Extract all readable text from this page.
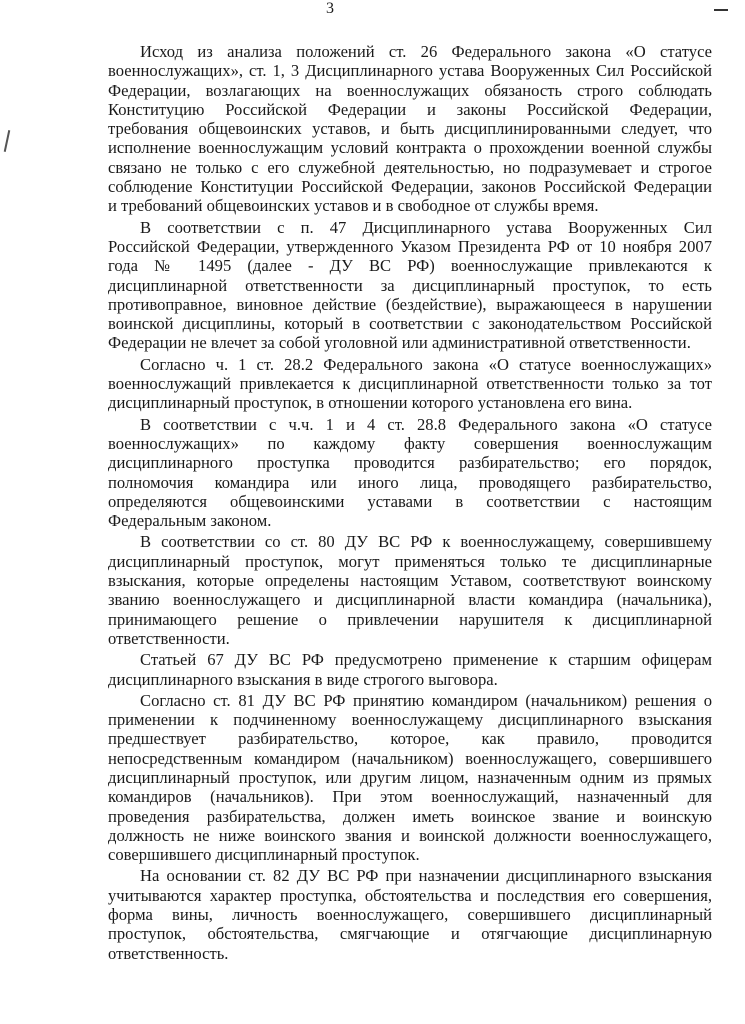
3
Исход из анализа положений ст. 26 Федерального закона «О статусе
военнослужащих», ст. 1, 3 Дисциплинарного устава Вооруженных Сил Российской
Федерации, возлагающих на военнослужащих обязаность строго соблюдать
Конституцию Российской Федерации и законы Российской Федерации,
требования общевоинских уставов, и быть дисциплинированными следует, что
исполнение военнослужащим условий контракта о прохождении военной службы
связано не только с его служебной деятельностью, но подразумевает и строгое
соблюдение Конституции Российской Федерации, законов Российской Федерации
и требований общевоинских уставов и в свободное от службы время.
В соответствии с п. 47 Дисциплинарного устава Вооруженных Сил
Российской Федерации, утвержденного Указом Президента РФ от 10 ноября 2007
года № 1495 (далее - ДУ ВС РФ) военнослужащие привлекаются к
дисциплинарной ответственности за дисциплинарный проступок, то есть
противоправное, виновное действие (бездействие), выражающееся в нарушении
воинской дисциплины, который в соответствии с законодательством Российской
Федерации не влечет за собой уголовной или административной ответственности.
Согласно ч. 1 ст. 28.2 Федерального закона «О статусе военнослужащих»
военнослужащий привлекается к дисциплинарной ответственности только за тот
дисциплинарный проступок, в отношении которого установлена его вина.
В соответствии с ч.ч. 1 и 4 ст. 28.8 Федерального закона «О статусе
военнослужащих» по каждому факту совершения военнослужащим
дисциплинарного проступка проводится разбирательство; его порядок,
полномочия командира или иного лица, проводящего разбирательство,
определяются общевоинскими уставами в соответствии с настоящим
Федеральным законом.
В соответствии со ст. 80 ДУ ВС РФ к военнослужащему, совершившему
дисциплинарный проступок, могут применяться только те дисциплинарные
взыскания, которые определены настоящим Уставом, соответствуют воинскому
званию военнослужащего и дисциплинарной власти командира (начальника),
принимающего решение о привлечении нарушителя к дисциплинарной
ответственности.
Статьей 67 ДУ ВС РФ предусмотрено применение к старшим офицерам
дисциплинарного взыскания в виде строгого выговора.
Согласно ст. 81 ДУ ВС РФ принятию командиром (начальником) решения о
применении к подчиненному военнослужащему дисциплинарного взыскания
предшествует разбирательство, которое, как правило, проводится
непосредственным командиром (начальником) военнослужащего, совершившего
дисциплинарный проступок, или другим лицом, назначенным одним из прямых
командиров (начальников). При этом военнослужащий, назначенный для
проведения разбирательства, должен иметь воинское звание и воинскую
должность не ниже воинского звания и воинской должности военнослужащего,
совершившего дисциплинарный проступок.
На основании ст. 82 ДУ ВС РФ при назначении дисциплинарного взыскания
учитываются характер проступка, обстоятельства и последствия его совершения,
форма вины, личность военнослужащего, совершившего дисциплинарный
проступок, обстоятельства, смягчающие и отягчающие дисциплинарную
ответственность.
